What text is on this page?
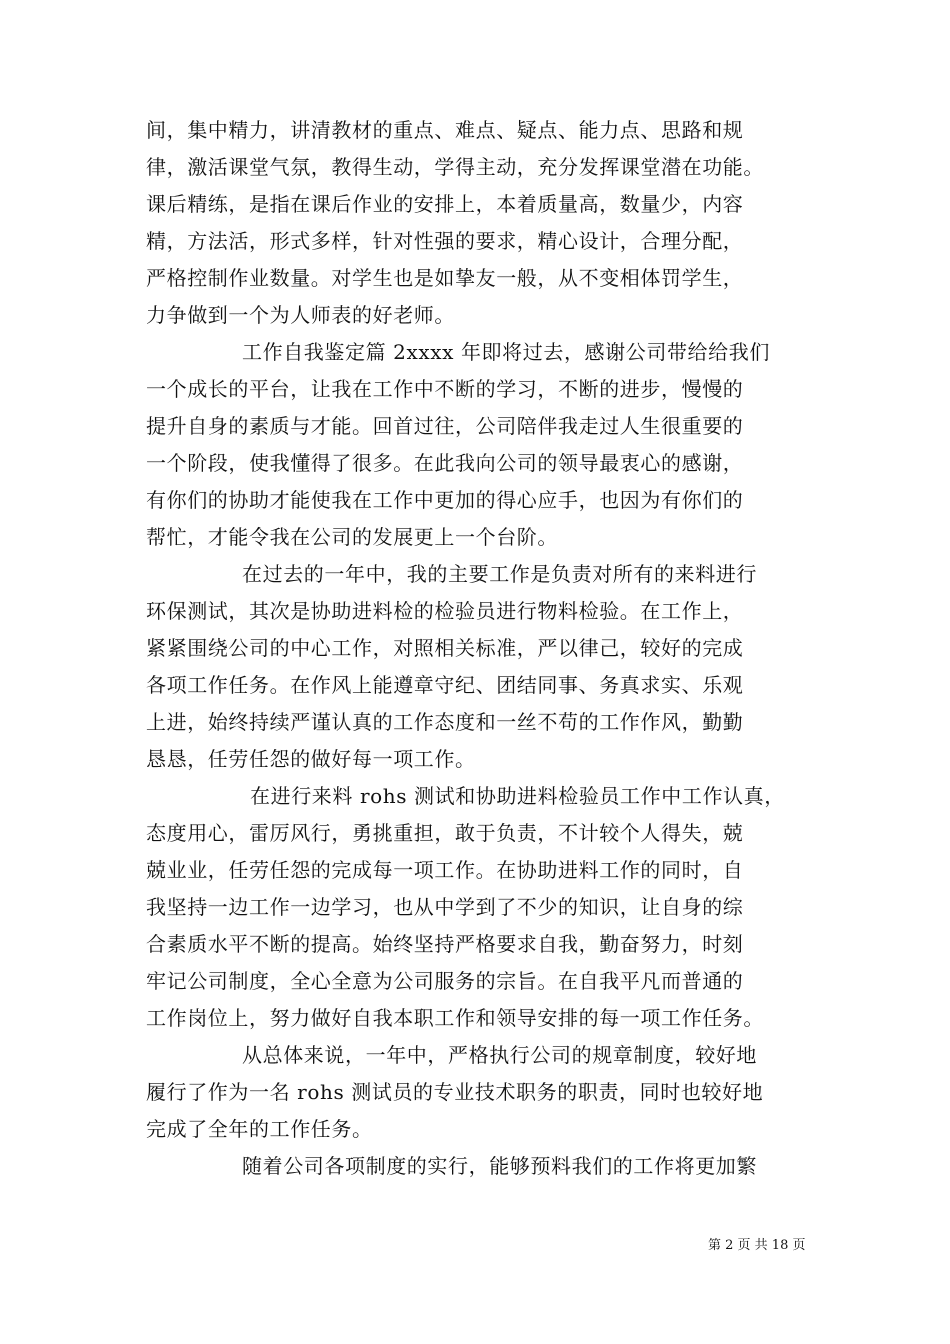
间，集中精力，讲清教材的重点、难点、疑点、能力点、思路和规
律，激活课堂气氛，教得生动，学得主动，充分发挥课堂潜在功能。
课后精练，是指在课后作业的安排上，本着质量高，数量少，内容
精，方法活，形式多样，针对性强的要求，精心设计，合理分配，
严格控制作业数量。对学生也是如挚友一般，从不变相体罚学生，
力争做到一个为人师表的好老师。
工作自我鉴定篇 2xxxx 年即将过去，感谢公司带给给我们
一个成长的平台，让我在工作中不断的学习，不断的进步，慢慢的
提升自身的素质与才能。回首过往，公司陪伴我走过人生很重要的
一个阶段，使我懂得了很多。在此我向公司的领导最衷心的感谢，
有你们的协助才能使我在工作中更加的得心应手，也因为有你们的
帮忙，才能令我在公司的发展更上一个台阶。
在过去的一年中，我的主要工作是负责对所有的来料进行
环保测试，其次是协助进料检的检验员进行物料检验。在工作上，
紧紧围绕公司的中心工作，对照相关标准，严以律己，较好的完成
各项工作任务。在作风上能遵章守纪、团结同事、务真求实、乐观
上进，始终持续严谨认真的工作态度和一丝不苟的工作作风，勤勤
恳恳，任劳任怨的做好每一项工作。
在进行来料 rohs 测试和协助进料检验员工作中工作认真，
态度用心，雷厉风行，勇挑重担，敢于负责，不计较个人得失，兢
兢业业，任劳任怨的完成每一项工作。在协助进料工作的同时，自
我坚持一边工作一边学习，也从中学到了不少的知识，让自身的综
合素质水平不断的提高。始终坚持严格要求自我，勤奋努力，时刻
牢记公司制度，全心全意为公司服务的宗旨。在自我平凡而普通的
工作岗位上，努力做好自我本职工作和领导安排的每一项工作任务。
从总体来说，一年中，严格执行公司的规章制度，较好地
履行了作为一名 rohs 测试员的专业技术职务的职责，同时也较好地
完成了全年的工作任务。
随着公司各项制度的实行，能够预料我们的工作将更加繁
第 2 页 共 18 页
